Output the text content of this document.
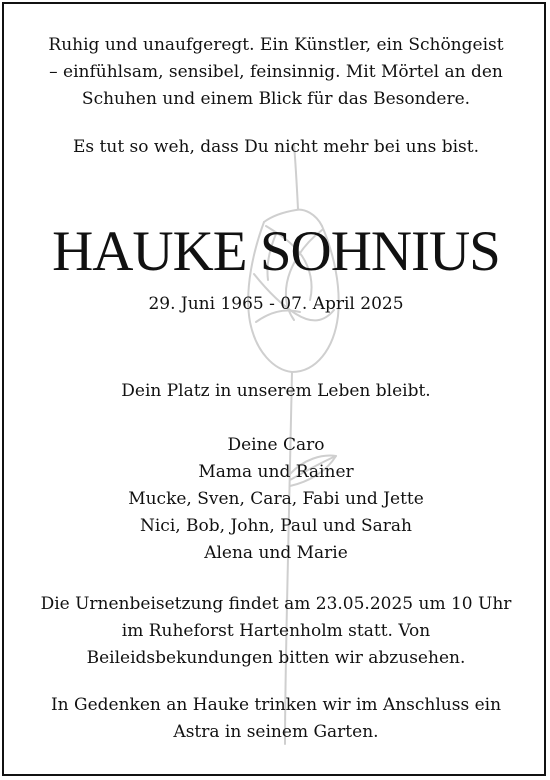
Ruhig und unaufgeregt. Ein Künstler, ein Schöngeist
– einfühlsam, sensibel, feinsinnig. Mit Mörtel an den
Schuhen und einem Blick für das Besondere.

Es tut so weh, dass Du nicht mehr bei uns bist.

HAUKE SOHNIUS

29. Juni 1965 - 07. April 2025

Dein Platz in unserem Leben bleibt.

Deine Caro
Mama und Rainer
Mucke, Sven, Cara, Fabi und Jette
Nici, Bob, John, Paul und Sarah
Alena und Marie

Die Urnenbeisetzung findet am 23.05.2025 um 10 Uhr
im Ruheforst Hartenholm statt. Von
Beileidsbekundungen bitten wir abzusehen.

In Gedenken an Hauke trinken wir im Anschluss ein
Astra in seinem Garten.
